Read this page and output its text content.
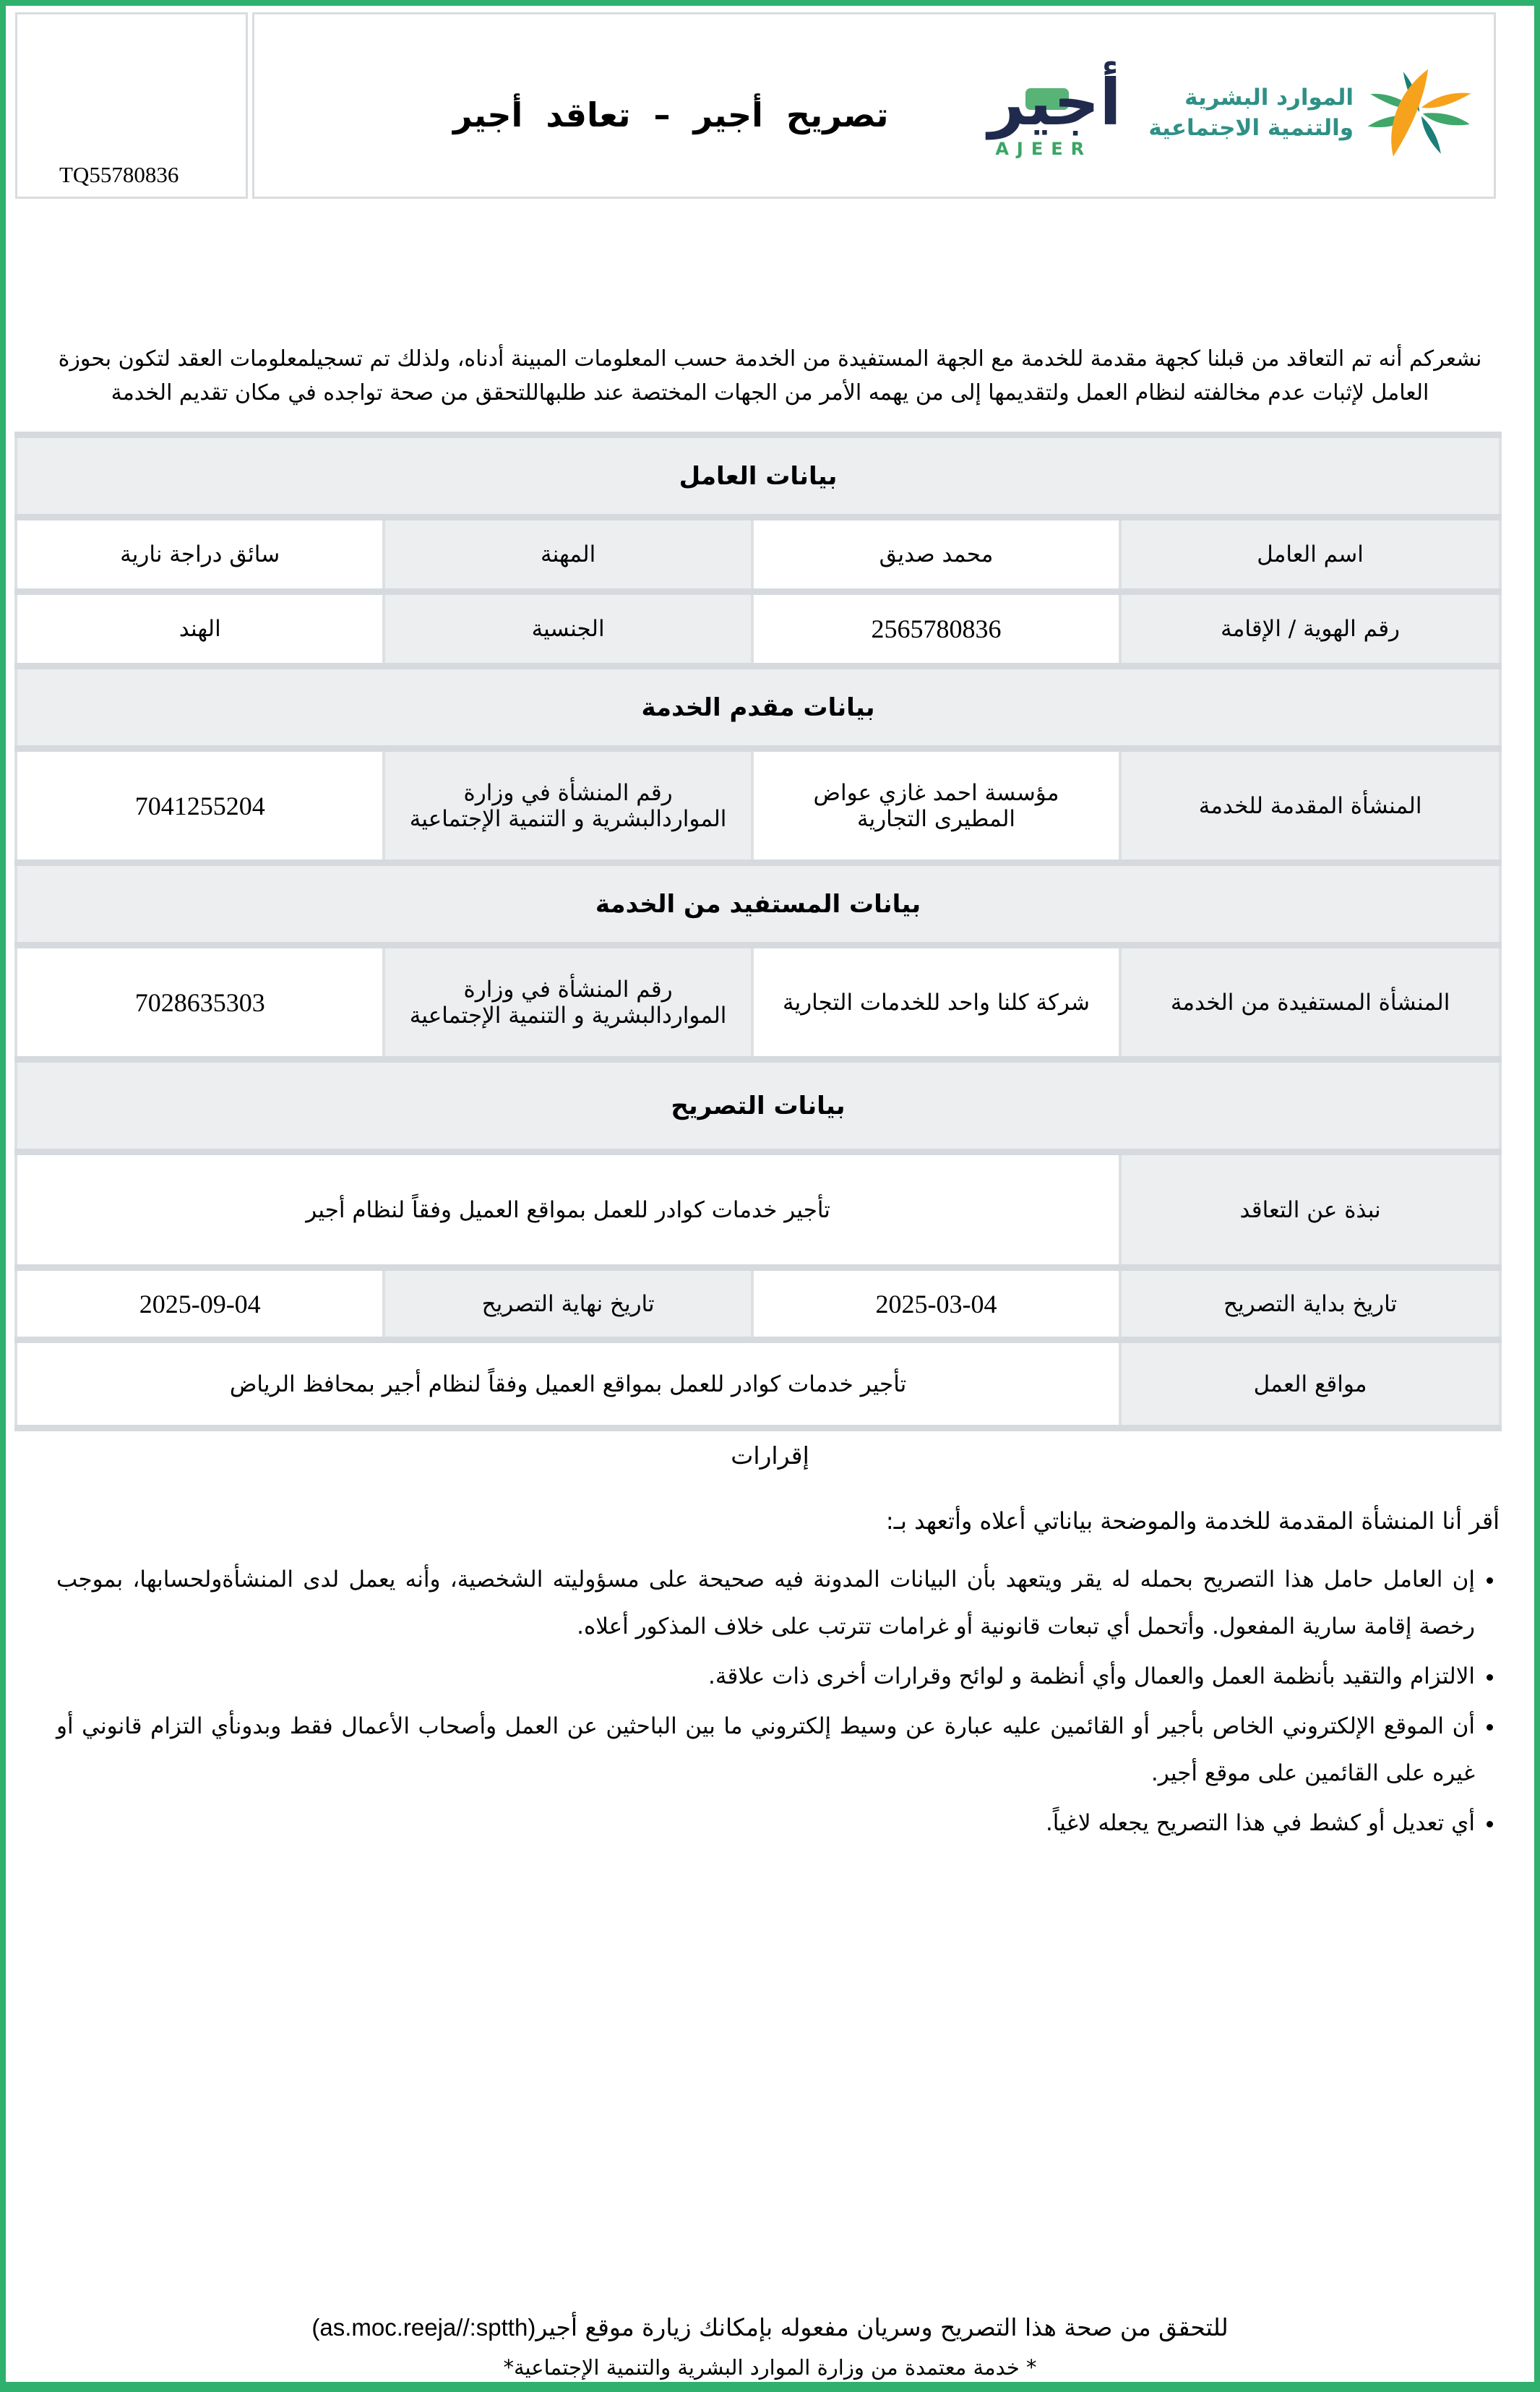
TQ55780836
تصريح أجير – تعاقد أجير أجير
AJEER
الموارد البشرية
والتنمية الاجتماعية

نشعركم أنه تم التعاقد من قبلنا كجهة مقدمة للخدمة مع الجهة المستفيدة من الخدمة حسب المعلومات المبينة أدناه، ولذلك تم تسجيلمعلومات العقد لتكون بحوزة العامل لإثبات عدم مخالفته لنظام العمل ولتقديمها إلى من يهمه الأمر من الجهات المختصة عند طلبهاللتحقق من صحة تواجده في مكان تقديم الخدمة

بيانات العامل			
اسم العامل	محمد صديق	المهنة	سائق دراجة نارية
رقم الهوية / الإقامة	2565780836	الجنسية	الهند
بيانات مقدم الخدمة			
المنشأة المقدمة للخدمة	مؤسسة احمد غازي عواض المطيرى التجارية	رقم المنشأة في وزارة المواردالبشرية و التنمية الإجتماعية	7041255204
بيانات المستفيد من الخدمة			
المنشأة المستفيدة من الخدمة	شركة كلنا واحد للخدمات التجارية	رقم المنشأة في وزارة المواردالبشرية و التنمية الإجتماعية	7028635303
بيانات التصريح			
نبذة عن التعاقد	تأجير خدمات كوادر للعمل بمواقع العميل وفقاً لنظام أجير		
تاريخ بداية التصريح	2025-03-04	تاريخ نهاية التصريح	2025-09-04
مواقع العمل	تأجير خدمات كوادر للعمل بمواقع العميل وفقاً لنظام أجير بمحافظ الرياض		
إقرارات
أقر أنا المنشأة المقدمة للخدمة والموضحة بياناتي أعلاه وأتعهد بـ:
• إن العامل حامل هذا التصريح بحمله له يقر ويتعهد بأن البيانات المدونة فيه صحيحة على مسؤوليته الشخصية، وأنه يعمل لدى المنشأةولحسابها، بموجب رخصة إقامة سارية المفعول. وأتحمل أي تبعات قانونية أو غرامات تترتب على خلاف المذكور أعلاه.
• الالتزام والتقيد بأنظمة العمل والعمال وأي أنظمة و لوائح وقرارات أخرى ذات علاقة.
• أن الموقع الإلكتروني الخاص بأجير أو القائمين عليه عبارة عن وسيط إلكتروني ما بين الباحثين عن العمل وأصحاب الأعمال فقط وبدونأي التزام قانوني أو غيره على القائمين على موقع أجير.
• أي تعديل أو كشط في هذا التصريح يجعله لاغياً.
للتحقق من صحة هذا التصريح وسريان مفعوله بإمكانك زيارة موقع أجير(as.moc.reeja//:sptth)
* خدمة معتمدة من وزارة الموارد البشرية والتنمية الإجتماعية*
